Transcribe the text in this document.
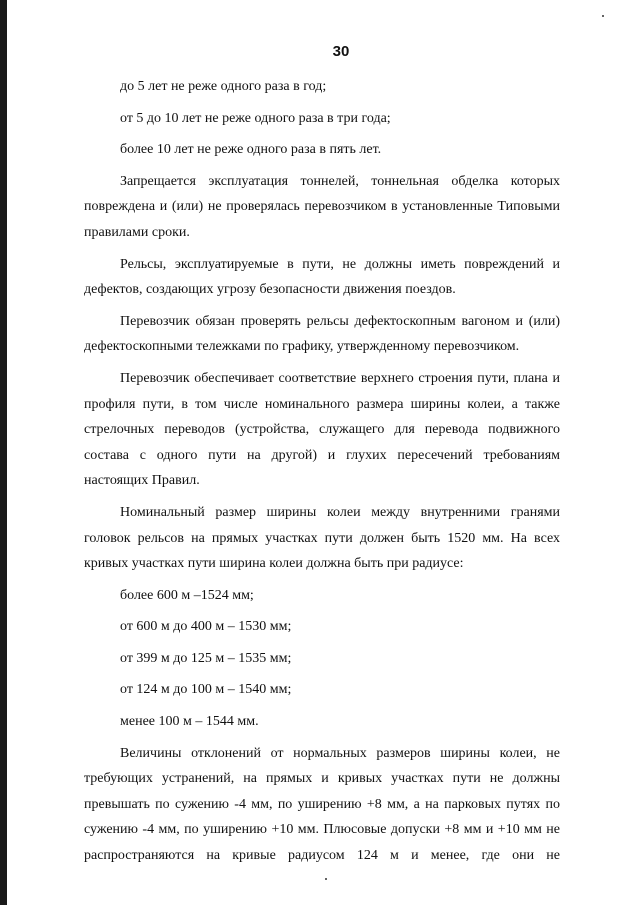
30

до 5 лет не реже одного раза в год;

от 5 до 10 лет не реже одного раза в три года;

более 10 лет не реже одного раза в пять лет.

Запрещается эксплуатация тоннелей, тоннельная обделка которых повреждена и (или) не проверялась перевозчиком в установленные Типовыми правилами сроки.

Рельсы, эксплуатируемые в пути, не должны иметь повреждений и дефектов, создающих угрозу безопасности движения поездов.

Перевозчик обязан проверять рельсы дефектоскопным вагоном и (или) дефектоскопными тележками по графику, утвержденному перевозчиком.

Перевозчик обеспечивает соответствие верхнего строения пути, плана и профиля пути, в том числе номинального размера ширины колеи, а также стрелочных переводов (устройства, служащего для перевода подвижного состава с одного пути на другой) и глухих пересечений требованиям настоящих Правил.

Номинальный размер ширины колеи между внутренними гранями головок рельсов на прямых участках пути должен быть 1520 мм. На всех кривых участках пути ширина колеи должна быть при радиусе:

более 600 м –1524 мм;

от 600 м до 400 м – 1530 мм;

от 399 м до 125 м – 1535 мм;

от 124 м до 100 м – 1540 мм;

менее 100 м – 1544 мм.

Величины отклонений от нормальных размеров ширины колеи, не требующих устранений, на прямых и кривых участках пути не должны превышать по сужению -4 мм, по уширению +8 мм, а на парковых путях по сужению -4 мм, по уширению +10 мм. Плюсовые допуски +8 мм и +10 мм не распространяются на кривые радиусом 124 м и менее, где они не
